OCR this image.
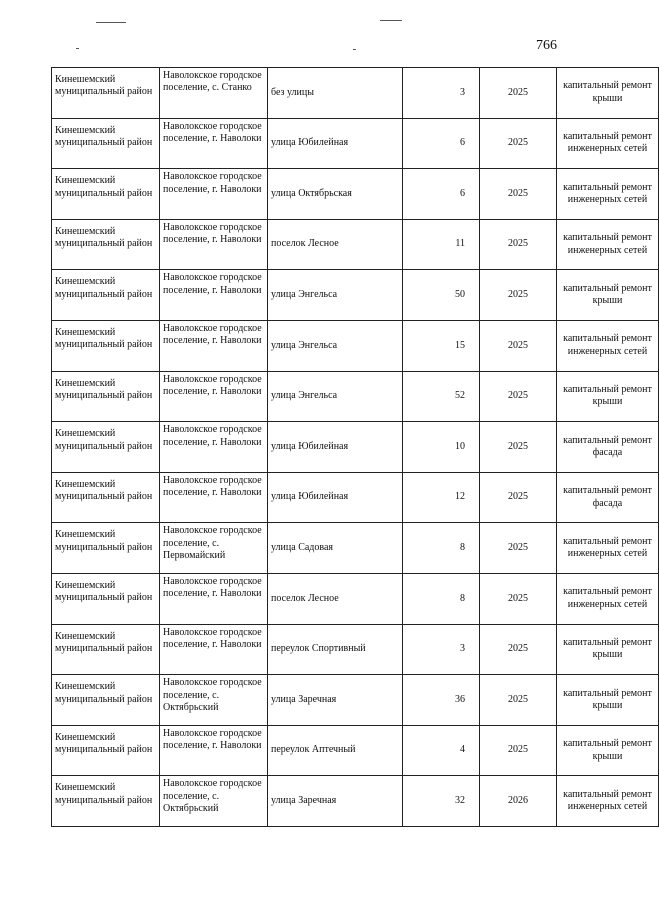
766
Кинешемский муниципальный район	Наволокское городское поселение, с. Станко	без улицы	3	2025	капитальный ремонт крыши
Кинешемский муниципальный район	Наволокское городское поселение, г. Наволоки	улица Юбилейная	6	2025	капитальный ремонт инженерных сетей
Кинешемский муниципальный район	Наволокское городское поселение, г. Наволоки	улица Октябрьская	6	2025	капитальный ремонт инженерных сетей
Кинешемский муниципальный район	Наволокское городское поселение, г. Наволоки	поселок Лесное	11	2025	капитальный ремонт инженерных сетей
Кинешемский муниципальный район	Наволокское городское поселение, г. Наволоки	улица Энгельса	50	2025	капитальный ремонт крыши
Кинешемский муниципальный район	Наволокское городское поселение, г. Наволоки	улица Энгельса	15	2025	капитальный ремонт инженерных сетей
Кинешемский муниципальный район	Наволокское городское поселение, г. Наволоки	улица Энгельса	52	2025	капитальный ремонт крыши
Кинешемский муниципальный район	Наволокское городское поселение, г. Наволоки	улица Юбилейная	10	2025	капитальный ремонт фасада
Кинешемский муниципальный район	Наволокское городское поселение, г. Наволоки	улица Юбилейная	12	2025	капитальный ремонт фасада
Кинешемский муниципальный район	Наволокское городское поселение, с. Первомайский	улица Садовая	8	2025	капитальный ремонт инженерных сетей
Кинешемский муниципальный район	Наволокское городское поселение, г. Наволоки	поселок Лесное	8	2025	капитальный ремонт инженерных сетей
Кинешемский муниципальный район	Наволокское городское поселение, г. Наволоки	переулок Спортивный	3	2025	капитальный ремонт крыши
Кинешемский муниципальный район	Наволокское городское поселение, с. Октябрьский	улица Заречная	36	2025	капитальный ремонт крыши
Кинешемский муниципальный район	Наволокское городское поселение, г. Наволоки	переулок Аптечный	4	2025	капитальный ремонт крыши
Кинешемский муниципальный район	Наволокское городское поселение, с. Октябрьский	улица Заречная	32	2026	капитальный ремонт инженерных сетей
